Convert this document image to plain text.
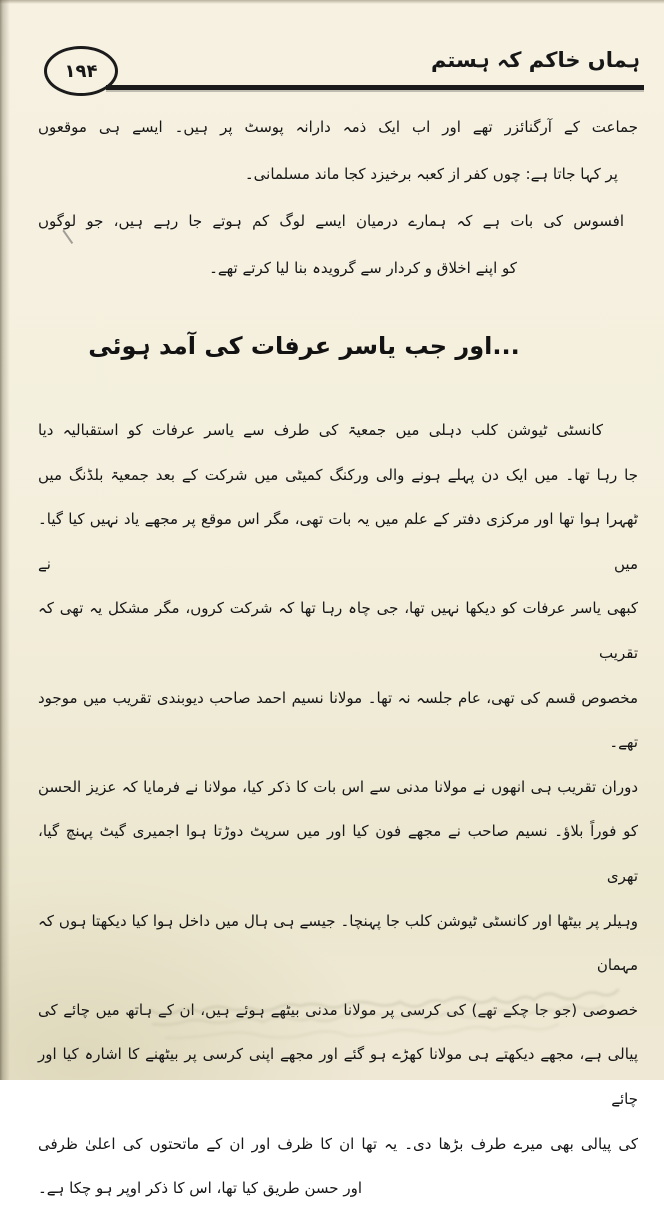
۱۹۴	ہماں خاکم کہ ہستم
جماعت کے آرگنائزر تھے اور اب ایک ذمہ دارانہ پوسٹ پر ہیں۔ ایسے ہی موقعوں
پر کہا جاتا ہے: چوں کفر از کعبہ برخیزد کجا ماند مسلمانی۔
افسوس کی بات ہے کہ ہمارے درمیان ایسے لوگ کم ہوتے جا رہے ہیں، جو لوگوں
کو اپنے اخلاق و کردار سے گرویدہ بنا لیا کرتے تھے۔
...اور جب یاسر عرفات کی آمد ہوئی
کانسٹی ٹیوشن کلب دہلی میں جمعیۃ کی طرف سے یاسر عرفات کو استقبالیہ دیا
جا رہا تھا۔ میں ایک دن پہلے ہونے والی ورکنگ کمیٹی میں شرکت کے بعد جمعیۃ بلڈنگ میں
ٹھہرا ہوا تھا اور مرکزی دفتر کے علم میں یہ بات تھی، مگر اس موقع پر مجھے یاد نہیں کیا گیا۔ میں نے
کبھی یاسر عرفات کو دیکھا نہیں تھا، جی چاہ رہا تھا کہ شرکت کروں، مگر مشکل یہ تھی کہ تقریب
مخصوص قسم کی تھی، عام جلسہ نہ تھا۔ مولانا نسیم احمد صاحب دیوبندی تقریب میں موجود تھے۔
دوران تقریب ہی انھوں نے مولانا مدنی سے اس بات کا ذکر کیا، مولانا نے فرمایا کہ عزیز الحسن
کو فوراً بلاؤ۔ نسیم صاحب نے مجھے فون کیا اور میں سرپٹ دوڑتا ہوا اجمیری گیٹ پہنچ گیا، تھری
وہیلر پر بیٹھا اور کانسٹی ٹیوشن کلب جا پہنچا۔ جیسے ہی ہال میں داخل ہوا کیا دیکھتا ہوں کہ مہمان
خصوصی (جو جا چکے تھے) کی کرسی پر مولانا مدنی بیٹھے ہوئے ہیں، ان کے ہاتھ میں چائے کی
پیالی ہے، مجھے دیکھتے ہی مولانا کھڑے ہو گئے اور مجھے اپنی کرسی پر بیٹھنے کا اشارہ کیا اور چائے
کی پیالی بھی میرے طرف بڑھا دی۔ یہ تھا ان کا ظرف اور ان کے ماتحتوں کی اعلیٰ ظرفی
اور حسن طریق کیا تھا، اس کا ذکر اوپر ہو چکا ہے۔
